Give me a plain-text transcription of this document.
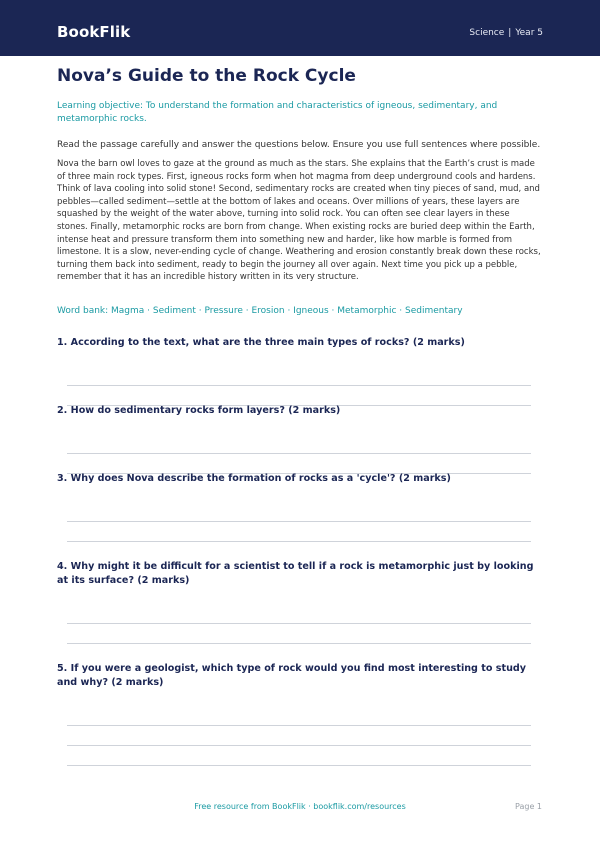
BookFlik	Science | Year 5
Nova’s Guide to the Rock Cycle
Learning objective: To understand the formation and characteristics of igneous, sedimentary, and metamorphic rocks.
Read the passage carefully and answer the questions below. Ensure you use full sentences where possible.
Nova the barn owl loves to gaze at the ground as much as the stars. She explains that the Earth’s crust is made of three main rock types. First, igneous rocks form when hot magma from deep underground cools and hardens. Think of lava cooling into solid stone! Second, sedimentary rocks are created when tiny pieces of sand, mud, and pebbles—called sediment—settle at the bottom of lakes and oceans. Over millions of years, these layers are squashed by the weight of the water above, turning into solid rock. You can often see clear layers in these stones. Finally, metamorphic rocks are born from change. When existing rocks are buried deep within the Earth, intense heat and pressure transform them into something new and harder, like how marble is formed from limestone. It is a slow, never-ending cycle of change. Weathering and erosion constantly break down these rocks, turning them back into sediment, ready to begin the journey all over again. Next time you pick up a pebble, remember that it has an incredible history written in its very structure.
Word bank: Magma · Sediment · Pressure · Erosion · Igneous · Metamorphic · Sedimentary

1. According to the text, what are the three main types of rocks? (2 marks)

2. How do sedimentary rocks form layers? (2 marks)

3. Why does Nova describe the formation of rocks as a 'cycle'? (2 marks)

4. Why might it be difficult for a scientist to tell if a rock is metamorphic just by looking at its surface? (2 marks)

5. If you were a geologist, which type of rock would you find most interesting to study and why? (2 marks)

Free resource from BookFlik · bookflik.com/resources	Page 1
